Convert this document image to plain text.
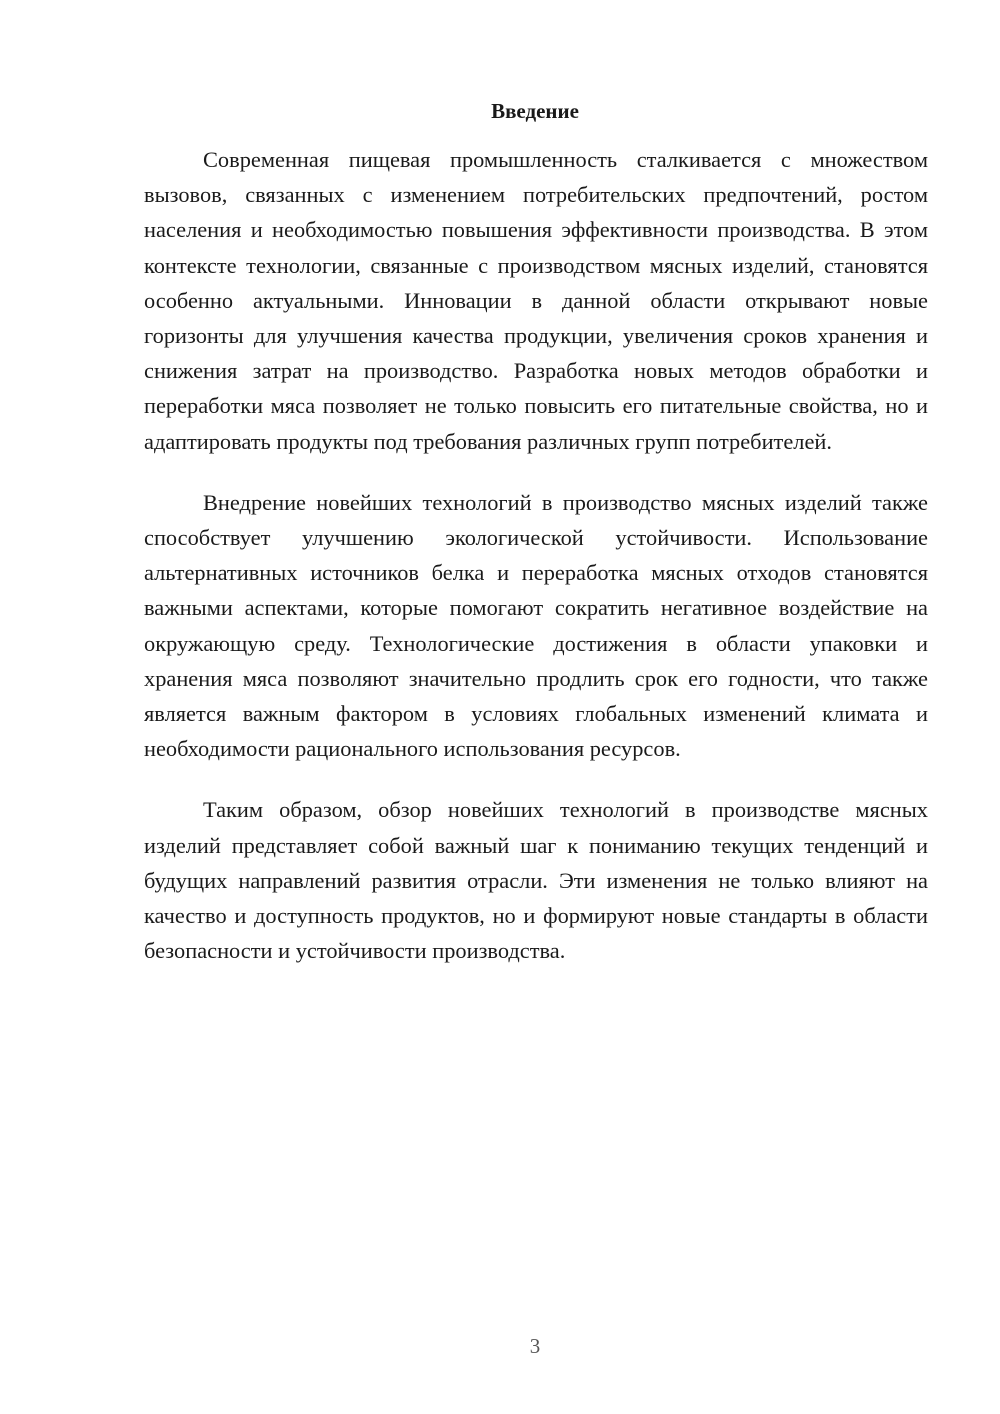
Введение

Современная пищевая промышленность сталкивается с множеством вызовов, связанных с изменением потребительских предпочтений, ростом населения и необходимостью повышения эффективности производства. В этом контексте технологии, связанные с производством мясных изделий, становятся особенно актуальными. Инновации в данной области открывают новые горизонты для улучшения качества продукции, увеличения сроков хранения и снижения затрат на производство. Разработка новых методов обработки и переработки мяса позволяет не только повысить его питательные свойства, но и адаптировать продукты под требования различных групп потребителей.

Внедрение новейших технологий в производство мясных изделий также способствует улучшению экологической устойчивости. Использование альтернативных источников белка и переработка мясных отходов становятся важными аспектами, которые помогают сократить негативное воздействие на окружающую среду. Технологические достижения в области упаковки и хранения мяса позволяют значительно продлить срок его годности, что также является важным фактором в условиях глобальных изменений климата и необходимости рационального использования ресурсов.

Таким образом, обзор новейших технологий в производстве мясных изделий представляет собой важный шаг к пониманию текущих тенденций и будущих направлений развития отрасли. Эти изменения не только влияют на качество и доступность продуктов, но и формируют новые стандарты в области безопасности и устойчивости производства.

3
